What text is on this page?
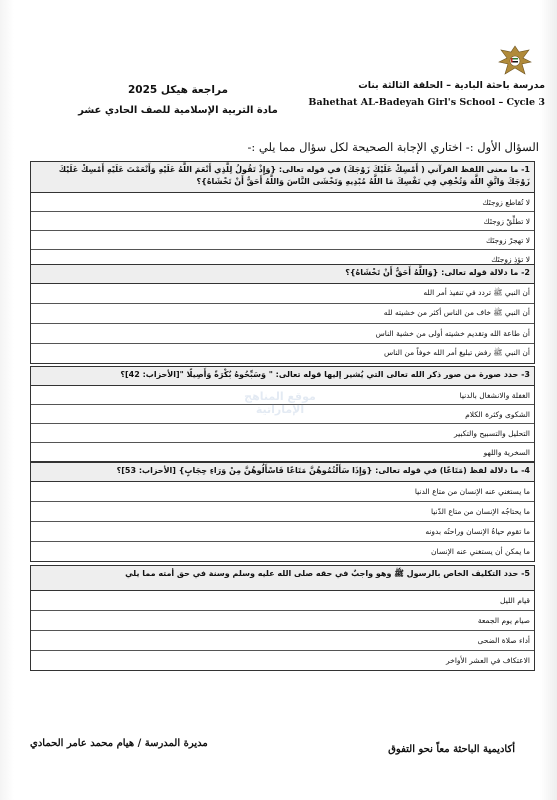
مدرسة باحثة البادية – الحلقة الثالثة بنات
Bahethat AL-Badeyah Girl's School – Cycle 3
مراجعة هيكل 2025
مادة التربية الإسلامية للصف الحادي عشر
السؤال الأول :- اختاري الإجابة الصحيحة لكل سؤال مما يلي :-
1- ما معنى اللفظ القرآني ( أَمْسِكْ عَلَيْكَ زَوْجَكَ) في قوله تعالى: {وَإِذْ تَقُولُ لِلَّذِي أَنْعَمَ اللَّهُ عَلَيْهِ وَأَنْعَمْتَ عَلَيْهِ أَمْسِكْ عَلَيْكَ زَوْجَكَ وَاتَّقِ اللَّهَ وَتُخْفِي فِي نَفْسِكَ مَا اللَّهُ مُبْدِيهِ وَتَخْشَى النَّاسَ وَاللَّهُ أَحَقُّ أَنْ تَخْشَاهُ}؟
لا تُقاطع زوجتَك
لا تطلِّقْ زوجتَك
لا تهجرْ زوجتَك
لا تؤذِ زوجتَك
2- ما دلالة قوله تعالى: {وَاللَّهُ أَحَقُّ أَنْ تَخْشَاهُ}؟
أن النبي ﷺ تردد في تنفيذ أمر الله
أن النبي ﷺ خاف من الناس أكثر من خشيته لله
أن طاعة الله وتقديم خشيته أولى من خشية الناس
أن النبي ﷺ رفض تبليغ أمر الله خوفاً من الناس
3- حدد صورة من صور ذكر الله تعالى التي يُشير إليها قوله تعالى: " وَسَبِّحُوهُ بُكْرَةً وَأَصِيلًا "[الأحزاب: 42]؟
الغفلة والانشغال بالدنيا
الشكوى وكثرة الكلام
التحليل والتسبيح والتكبير
السخرية واللهو
4- ما دلالة لفظ (مَتَاعًا) في قوله تعالى: {وَإِذَا سَأَلْتُمُوهُنَّ مَتَاعًا فَاسْأَلُوهُنَّ مِنْ وَرَاءِ حِجَابٍ} [الأحزاب: 53]؟
ما يستغني عنه الإنسان من متاع الدنيا
ما يحتاجُه الإنسان من متاع الدّنيا
ما تقوم حياةُ الإنسان وراحتُه بدونه
ما يمكن أن يستغني عنه الإنسان
5- حدد التكليف الخاص بالرسول ﷺ وهو واجبٌ في حقه صلى الله عليه وسلم وسنة في حق أمته مما يلي
قيام الليل
صيام يوم الجمعة
أداء صلاة الضحى
الاعتكاف في العشر الأواخر
موقع المناهج الإماراتية
مديرة المدرسة / هيام محمد عامر الحمادي
أكاديمية الباحثة معاً نحو التفوق
